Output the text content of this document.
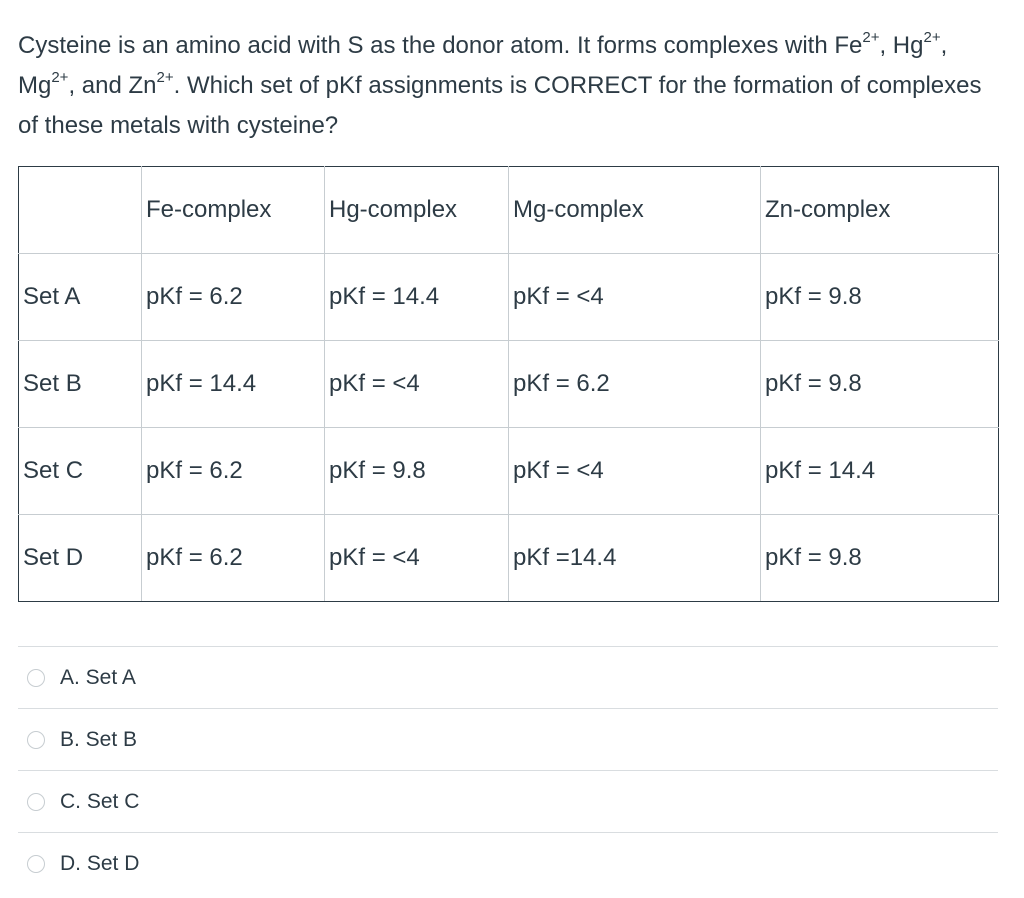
Cysteine is an amino acid with S as the donor atom. It forms complexes with $Fe^{2+}$, $Hg^{2+}$, $Mg^{2+}$, and $Zn^{2+}$. Which set of pKf assignments is CORRECT for the formation of complexes of these metals with cysteine?
	Fe-complex	Hg-complex	Mg-complex	Zn-complex
Set A	pKf = 6.2	pKf = 14.4	pKf = <4	pKf = 9.8
Set B	pKf = 14.4	pKf = <4	pKf = 6.2	pKf = 9.8
Set C	pKf = 6.2	pKf = 9.8	pKf = <4	pKf = 14.4
Set D	pKf = 6.2	pKf = <4	pKf =14.4	pKf = 9.8
A. Set A
B. Set B
C. Set C
D. Set D
